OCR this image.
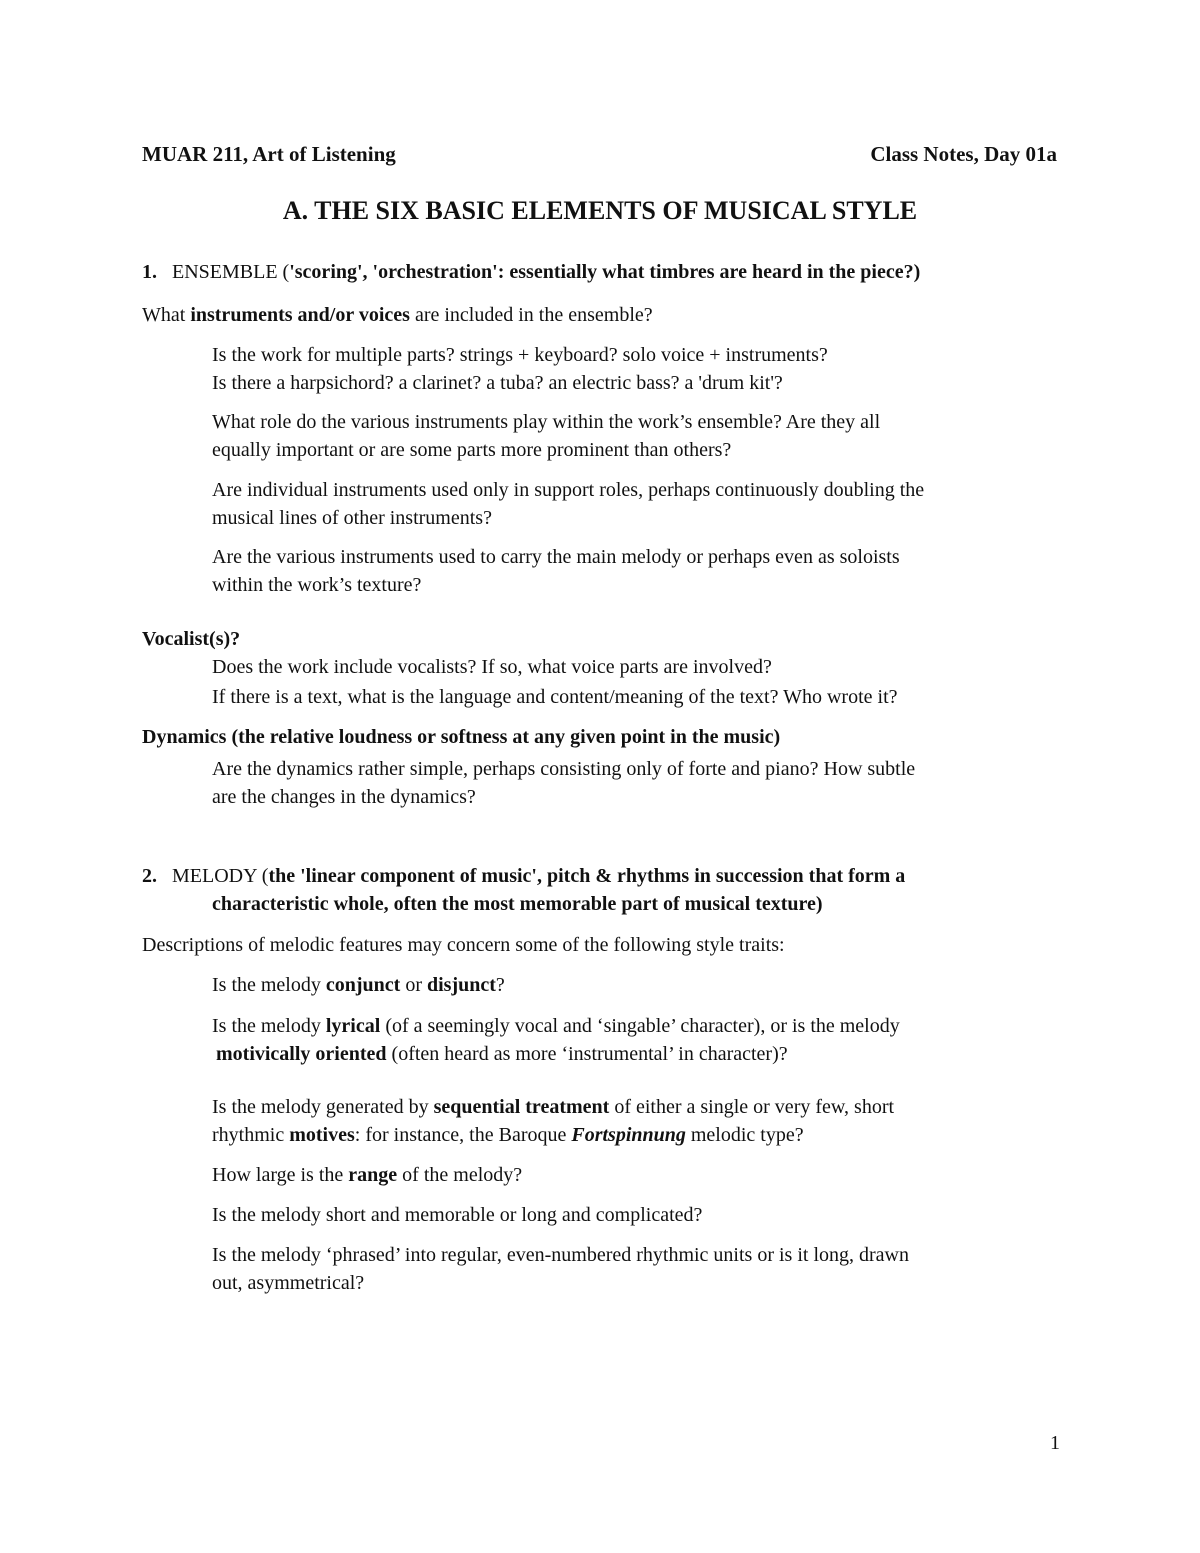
MUAR 211, Art of Listening	Class Notes, Day 01a
A. THE SIX BASIC ELEMENTS OF MUSICAL STYLE
1. ENSEMBLE ('scoring', 'orchestration': essentially what timbres are heard in the piece?)
What instruments and/or voices are included in the ensemble?
Is the work for multiple parts? strings + keyboard? solo voice + instruments?
Is there a harpsichord? a clarinet? a tuba? an electric bass? a 'drum kit'?
What role do the various instruments play within the work’s ensemble? Are they all
equally important or are some parts more prominent than others?
Are individual instruments used only in support roles, perhaps continuously doubling the
musical lines of other instruments?
Are the various instruments used to carry the main melody or perhaps even as soloists
within the work’s texture?
Vocalist(s)?
Does the work include vocalists? If so, what voice parts are involved?
If there is a text, what is the language and content/meaning of the text? Who wrote it?
Dynamics (the relative loudness or softness at any given point in the music)
Are the dynamics rather simple, perhaps consisting only of forte and piano? How subtle
are the changes in the dynamics?
2. MELODY (the 'linear component of music', pitch & rhythms in succession that form a
characteristic whole, often the most memorable part of musical texture)
Descriptions of melodic features may concern some of the following style traits:
Is the melody conjunct or disjunct?
Is the melody lyrical (of a seemingly vocal and ‘singable’ character), or is the melody
motivically oriented (often heard as more ‘instrumental’ in character)?
Is the melody generated by sequential treatment of either a single or very few, short
rhythmic motives: for instance, the Baroque Fortspinnung melodic type?
How large is the range of the melody?
Is the melody short and memorable or long and complicated?
Is the melody ‘phrased’ into regular, even-numbered rhythmic units or is it long, drawn
out, asymmetrical?
1
